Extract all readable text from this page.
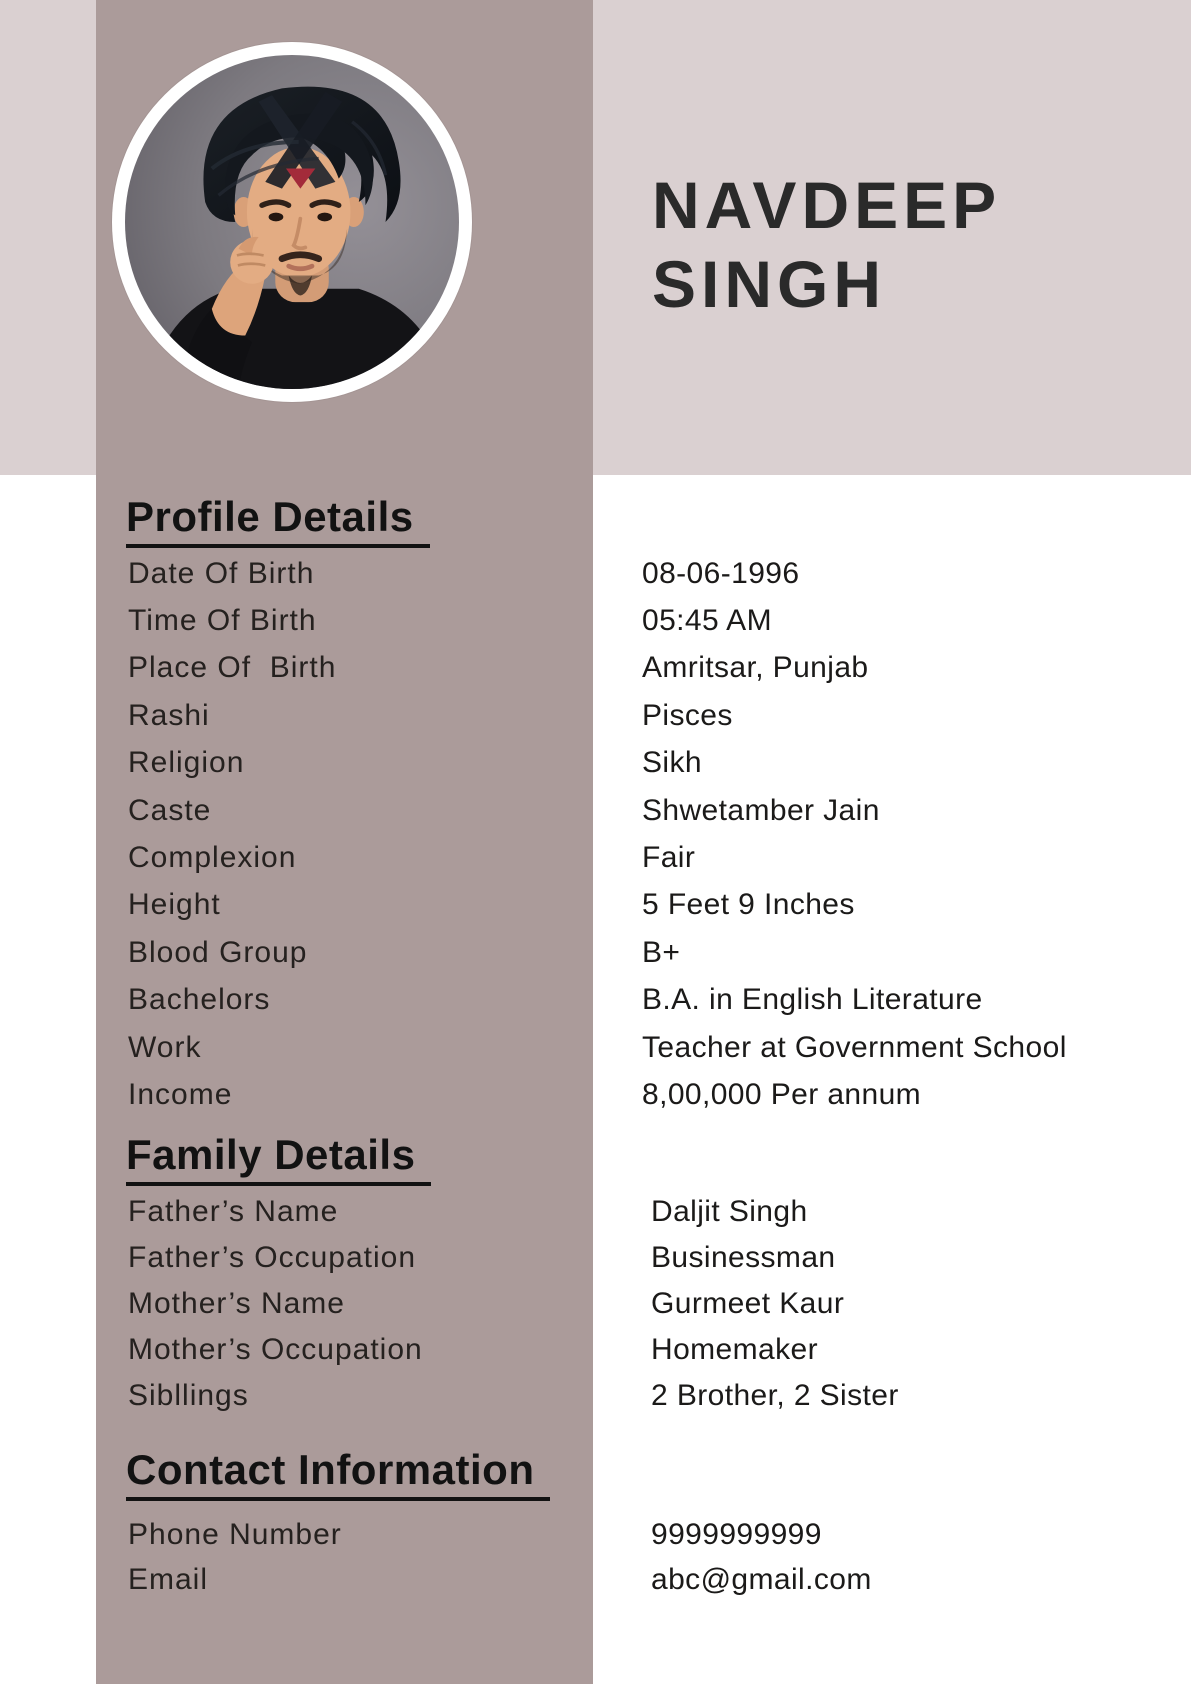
NAVDEEP SINGH
Profile Details
Date Of Birth	08-06-1996
Time Of Birth	05:45 AM
Place Of  Birth	Amritsar, Punjab
Rashi	Pisces
Religion	Sikh
Caste	Shwetamber Jain
Complexion	Fair
Height	5 Feet 9 Inches
Blood Group	B+
Bachelors	B.A. in English Literature
Work	Teacher at Government School
Income	8,00,000 Per annum
Family Details
Father’s Name	Daljit Singh
Father’s Occupation	Businessman
Mother’s Name	Gurmeet Kaur
Mother’s Occupation	Homemaker
Sibllings	2 Brother, 2 Sister
Contact Information
Phone Number	9999999999
Email	abc@gmail.com
